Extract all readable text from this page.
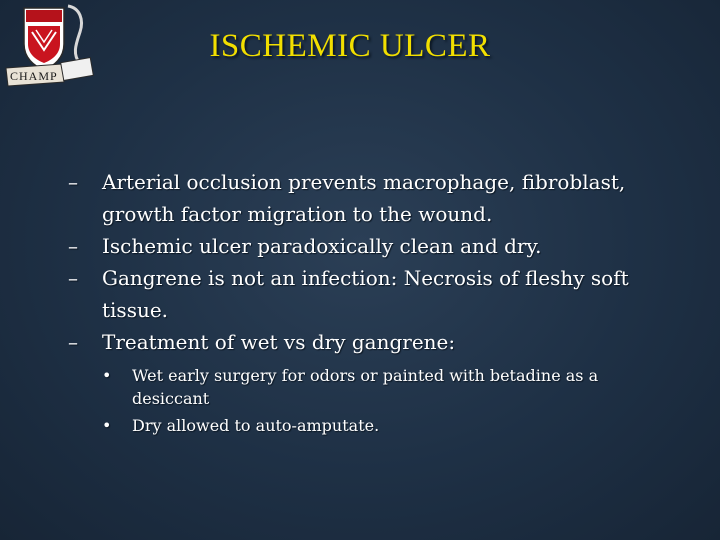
CHAMP
ISCHEMIC ULCER
– Arterial occlusion prevents macrophage, fibroblast, growth factor migration to the wound.
– Ischemic ulcer paradoxically clean and dry.
– Gangrene is not an infection: Necrosis of fleshy soft tissue.
– Treatment of wet vs dry gangrene:
• Wet early surgery for odors or painted with betadine as a desiccant
• Dry allowed to auto-amputate.
